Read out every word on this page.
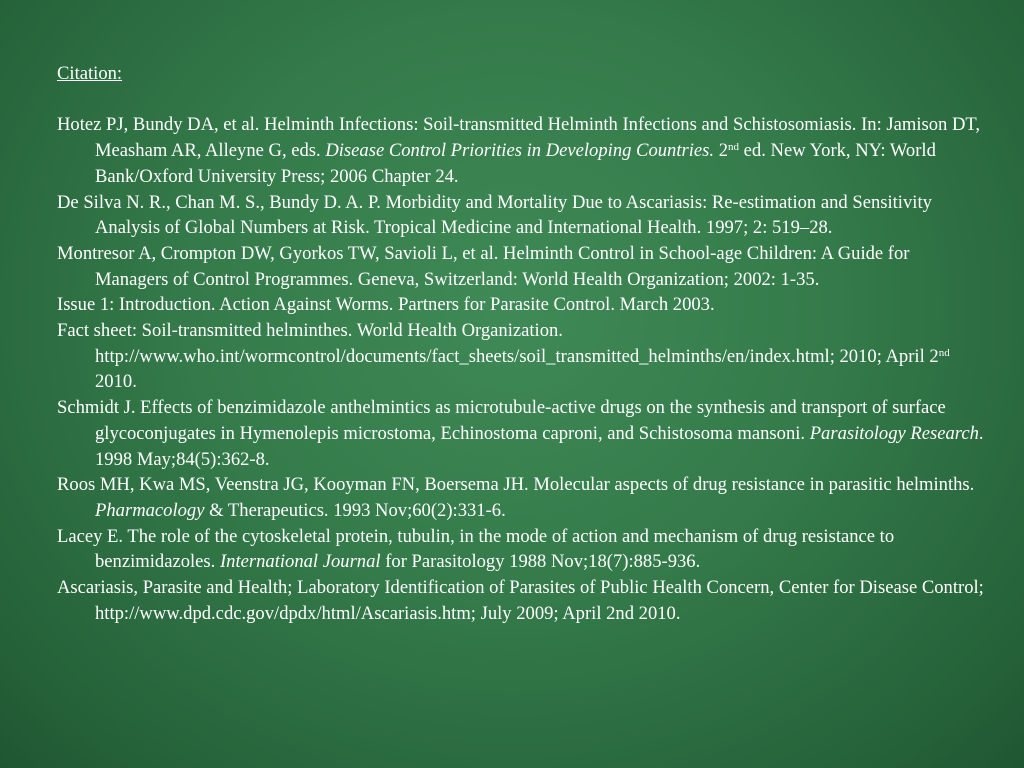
Citation:

Hotez PJ, Bundy DA, et al. Helminth Infections: Soil-transmitted Helminth Infections and Schistosomiasis. In: Jamison DT, Measham AR, Alleyne G, eds. Disease Control Priorities in Developing Countries. 2nd ed. New York, NY: World Bank/Oxford University Press; 2006 Chapter 24.

De Silva N. R., Chan M. S., Bundy D. A. P. Morbidity and Mortality Due to Ascariasis: Re-estimation and Sensitivity Analysis of Global Numbers at Risk. Tropical Medicine and International Health. 1997; 2: 519–28.

Montresor A, Crompton DW, Gyorkos TW, Savioli L, et al. Helminth Control in School-age Children: A Guide for Managers of Control Programmes. Geneva, Switzerland: World Health Organization; 2002: 1-35.

Issue 1: Introduction. Action Against Worms. Partners for Parasite Control. March 2003.

Fact sheet: Soil-transmitted helminthes. World Health Organization. http://www.who.int/wormcontrol/documents/fact_sheets/soil_transmitted_helminths/en/index.html; 2010; April 2nd 2010.

Schmidt J. Effects of benzimidazole anthelmintics as microtubule-active drugs on the synthesis and transport of surface glycoconjugates in Hymenolepis microstoma, Echinostoma caproni, and Schistosoma mansoni. Parasitology Research. 1998 May;84(5):362-8.

Roos MH, Kwa MS, Veenstra JG, Kooyman FN, Boersema JH. Molecular aspects of drug resistance in parasitic helminths. Pharmacology & Therapeutics. 1993 Nov;60(2):331-6.

Lacey E. The role of the cytoskeletal protein, tubulin, in the mode of action and mechanism of drug resistance to benzimidazoles. International Journal for Parasitology 1988 Nov;18(7):885-936.

Ascariasis, Parasite and Health; Laboratory Identification of Parasites of Public Health Concern, Center for Disease Control; http://www.dpd.cdc.gov/dpdx/html/Ascariasis.htm; July 2009; April 2nd 2010.
